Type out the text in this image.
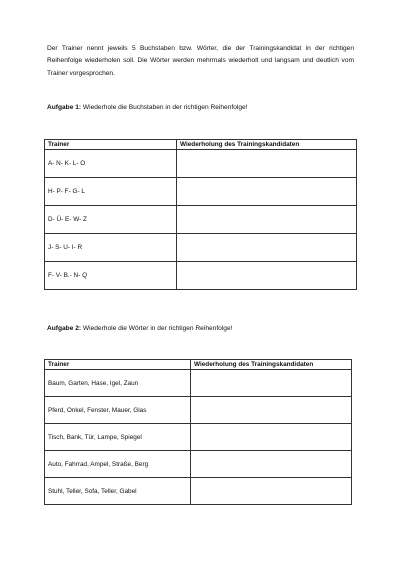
Der Trainer nennt jeweils 5 Buchstaben bzw. Wörter, die der Trainingskandidat in der richtigen Reihenfolge wiederholen soll. Die Wörter werden mehrmals wiederholt und langsam und deutlich vom Trainer vorgesprochen.
Aufgabe 1: Wiederhole die Buchstaben in der richtigen Reihenfolge!
Trainer	Wiederholung des Trainingskandidaten
A- N- K- L- O	
H- P- F- G- L	
D- Ü- E- W- Z	
J- S- U- I- R	
F- V- B.- N- Q	
Aufgabe 2: Wiederhole die Wörter in der richtigen Reihenfolge!
Trainer	Wiederholung des Trainingskandidaten
Baum, Garten, Hase, Igel, Zaun	
Pferd, Onkel, Fenster, Mauer, Glas	
Tisch, Bank, Tür, Lampe, Spiegel	
Auto, Fahrrad, Ampel, Straße, Berg	
Stuhl, Teller, Sofa, Teller, Gabel	
